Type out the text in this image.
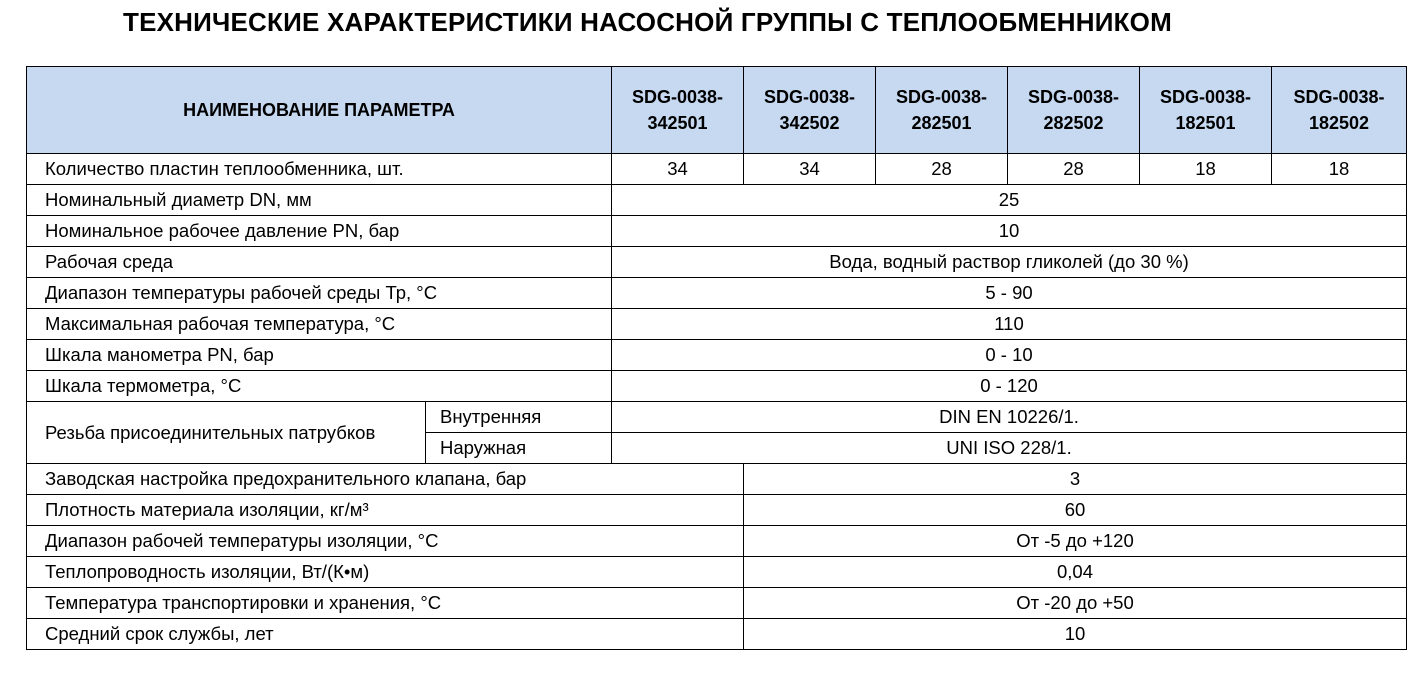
ТЕХНИЧЕСКИЕ ХАРАКТЕРИСТИКИ НАСОСНОЙ ГРУППЫ С ТЕПЛООБМЕННИКОМ
НАИМЕНОВАНИЕ ПАРАМЕТРА		SDG-0038-342501	SDG-0038-342502	SDG-0038-282501	SDG-0038-282502	SDG-0038-182501	SDG-0038-182502
Количество пластин теплообменника, шт.		34	34	28	28	18	18
Номинальный диаметр DN, мм		25					
Номинальное рабочее давление PN, бар		10					
Рабочая среда		Вода, водный раствор гликолей (до 30 %)					
Диапазон температуры рабочей среды Тр, °C		5 - 90					
Максимальная рабочая температура, °C		110					
Шкала манометра PN, бар		0 - 10					
Шкала термометра, °C		0 - 120					
Резьба присоединительных патрубков	Внутренняя	DIN EN 10226/1.					
	Наружная	UNI ISO 228/1.					
Заводская настройка предохранительного клапана, бар			3				
Плотность материала изоляции, кг/м³			60				
Диапазон рабочей температуры изоляции, °C			От -5 до +120				
Теплопроводность изоляции, Вт/(К•м)			0,04				
Температура транспортировки и хранения, °C			От -20 до +50				
Средний срок службы, лет			10				
